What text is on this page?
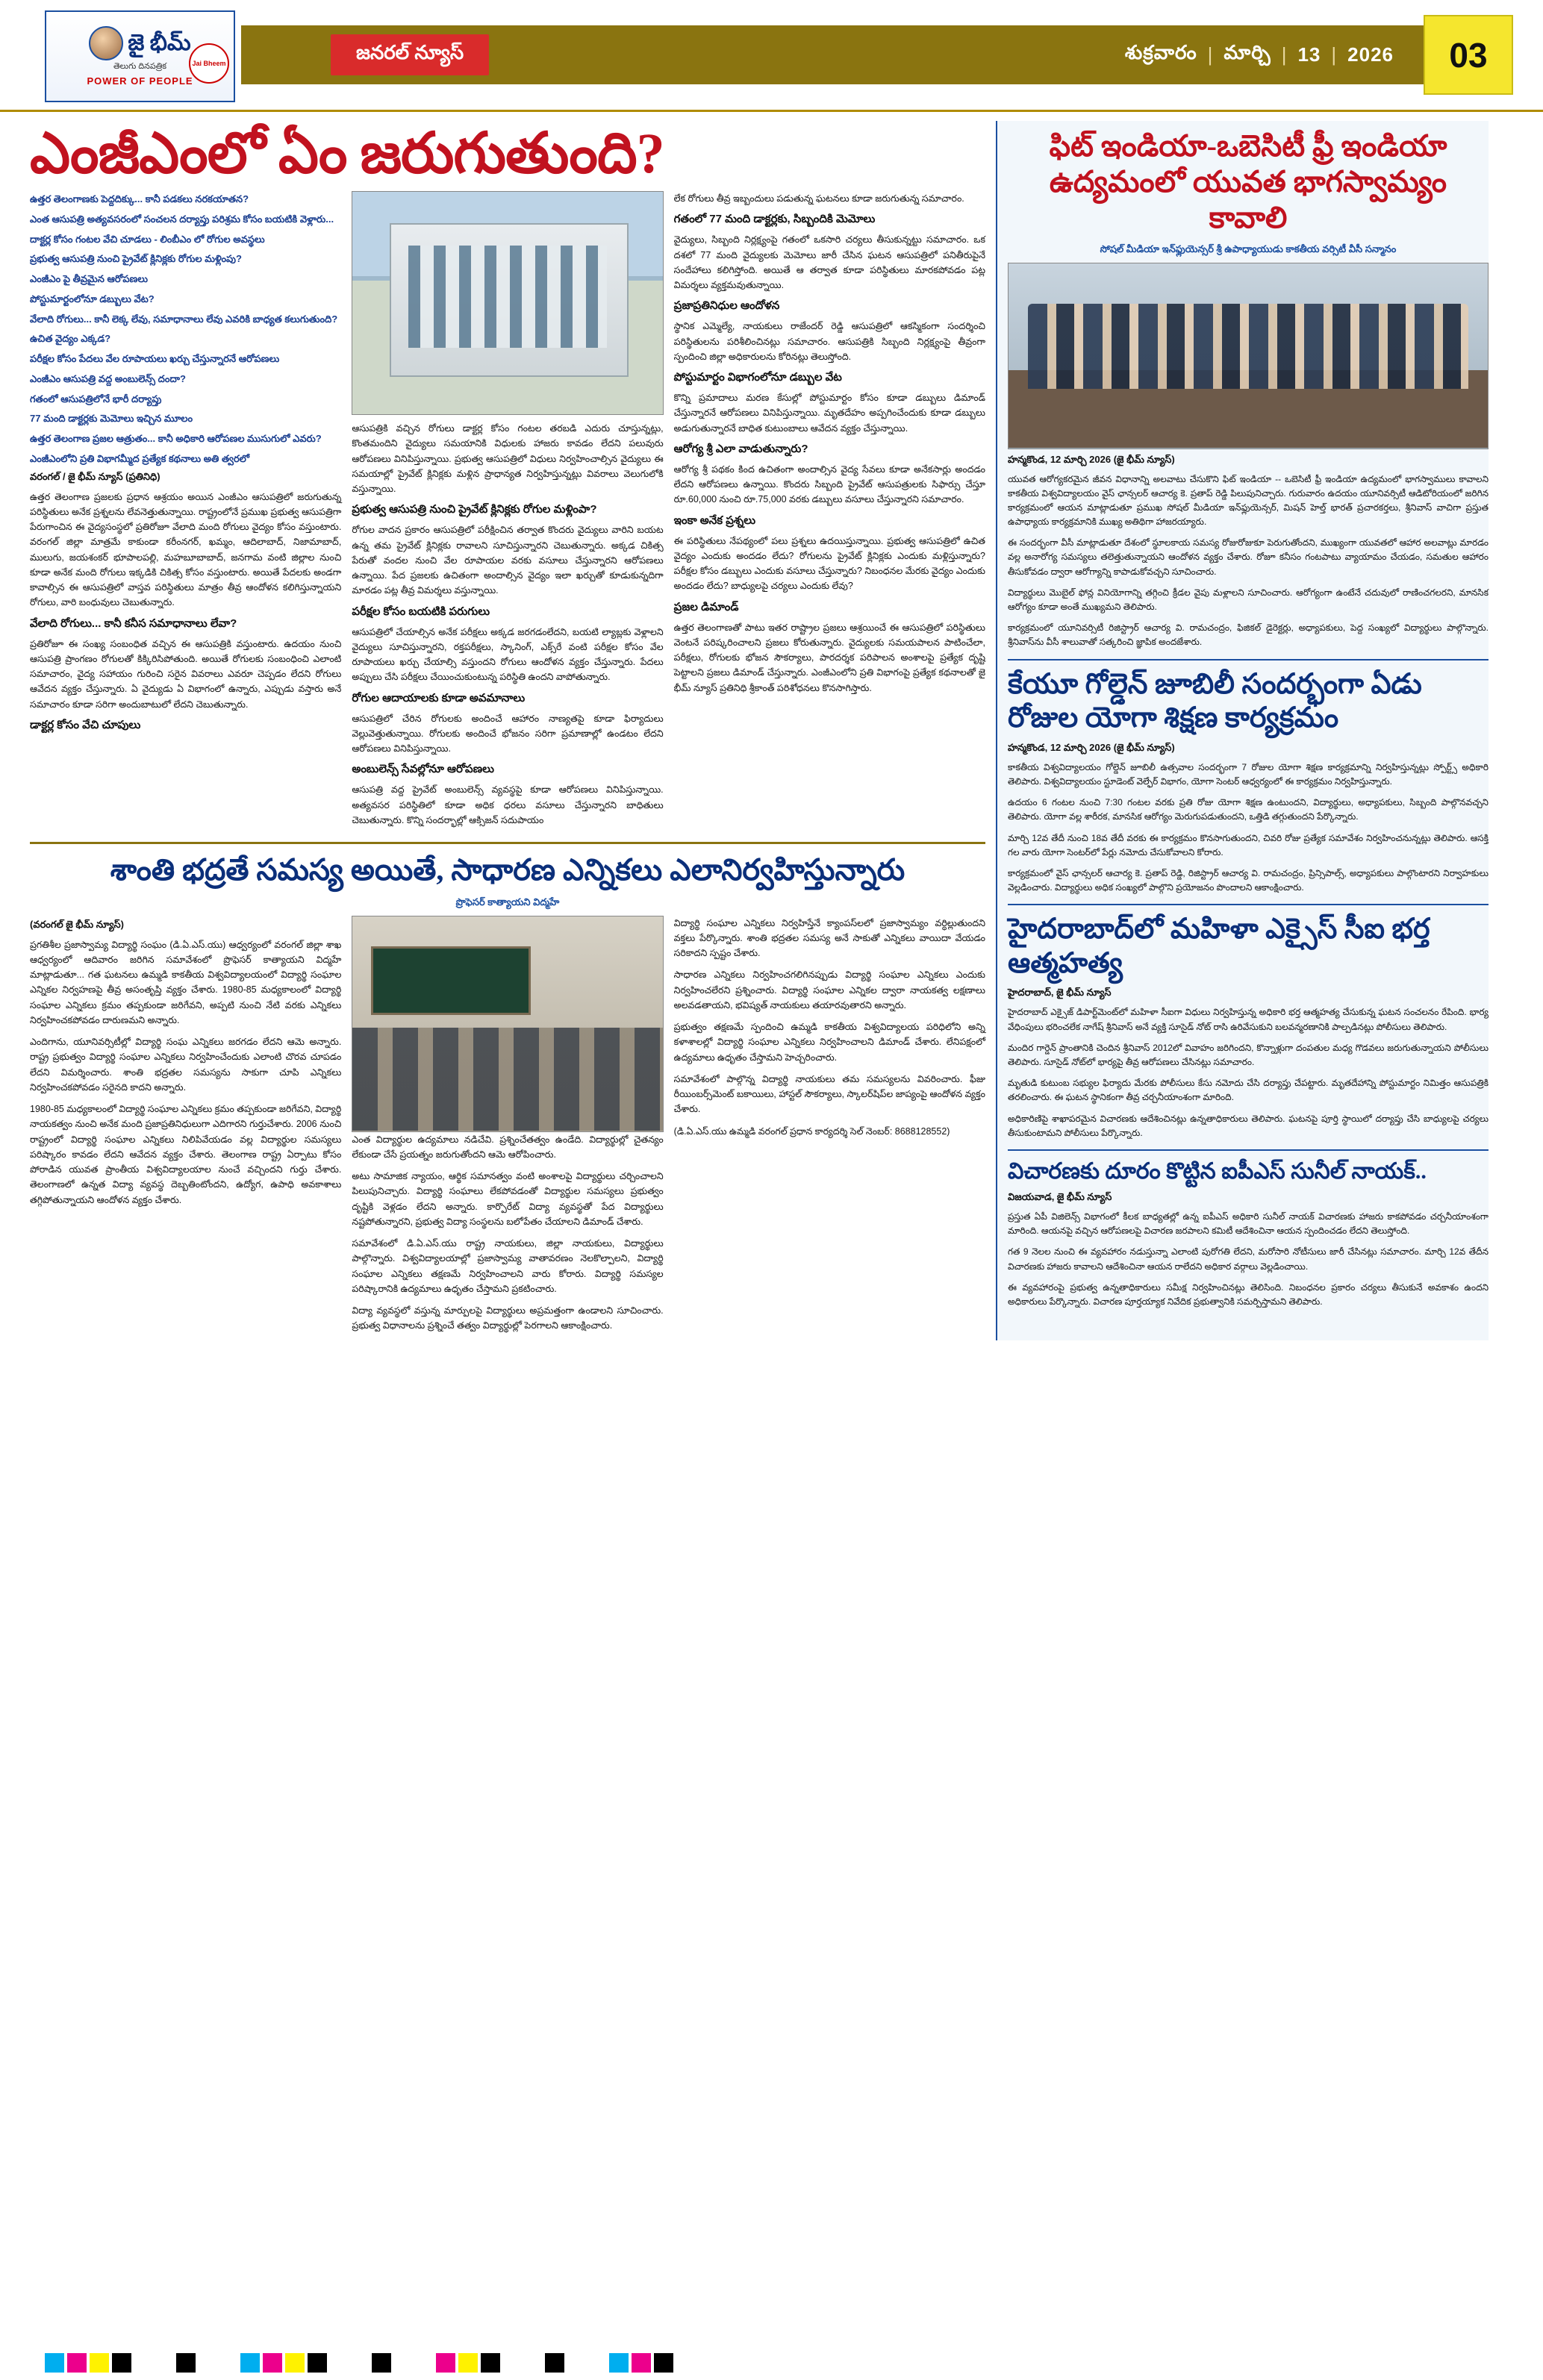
జై భీమ్
తెలుగు దినపత్రిక
POWER OF PEOPLE
Jai Bheem	జనరల్ న్యూస్	శుక్రవారం | మార్చి | 13 | 2026	03
ఎంజీఎంలో ఏం జరుగుతుంది?

ఉత్తర తెలంగాణకు పెద్దదిక్కు... కానీ పడకలు నరకయాతన?

ఎంత ఆసుపత్రి అత్యవసరంలో సంచలన దర్యాప్తు పరిశ్రమ కోసం బయటికి వెళ్లారు...

దాక్టర్ల కోసం గంటల వేచి చూడలు - లింబీఎం లో రోగుల అవస్థలు

ప్రభుత్వ ఆసుపత్రి నుంచి ప్రైవేట్ క్లినిక్లకు రోగుల మళ్లింపు?

ఎంజీఎం పై తీవ్రమైన ఆరోపణలు

పోస్టుమార్టంలోనూ డబ్బులు వేట?

వేలాది రోగులు... కానీ లెక్క లేవు, సమాధానాలు లేవు ఎవరికి బాధ్యత కలుగుతుంది?

ఉచిత వైద్యం ఎక్కడ?

పరీక్షల కోసం పేదలు వేల రూపాయలు ఖర్చు చేస్తున్నారనే ఆరోపణలు

ఎంజీఎం ఆసుపత్రి వద్ద అంబులెన్స్ దందా?

గతంలో ఆసుపత్రిలోనే భారీ దర్యాప్తు

77 మంది డాక్టర్లకు మెమోలు ఇచ్చిన మూలం

ఉత్తర తెలంగాణ ప్రజల ఆత్రుతం... కానీ అధికారి ఆరోపణల ముసుగులో ఎవరు?

ఎంజీఎంలోని ప్రతి విభాగమ్మీద ప్రత్యేక కథనాలు అతి త్వరలో

వరంగల్ / జై భీమ్ న్యూస్ (ప్రతినిధి)

ఉత్తర తెలంగాణ ప్రజలకు ప్రధాన ఆశ్రయం అయిన ఎంజీఎం ఆసుపత్రిలో జరుగుతున్న పరిస్థితులు అనేక ప్రశ్నలను లేవనెత్తుతున్నాయి. రాష్ట్రంలోనే ప్రముఖ ప్రభుత్వ ఆసుపత్రిగా పేరుగాంచిన ఈ వైద్యసంస్థలో ప్రతిరోజూ వేలాది మంది రోగులు వైద్యం కోసం వస్తుంటారు. వరంగల్ జిల్లా మాత్రమే కాకుండా కరీంనగర్, ఖమ్మం, ఆదిలాబాద్, నిజామాబాద్, ములుగు, జయశంకర్ భూపాలపల్లి, మహబూబాబాద్, జనగామ వంటి జిల్లాల నుంచి కూడా అనేక మంది రోగులు ఇక్కడికి చికిత్స కోసం వస్తుంటారు. అయితే పేదలకు అండగా కావాల్సిన ఈ ఆసుపత్రిలో వాస్తవ పరిస్థితులు మాత్రం తీవ్ర ఆందోళన కలిగిస్తున్నాయని రోగులు, వారి బంధువులు చెబుతున్నారు.

వేలాది రోగులు... కానీ కనీస సమాధానాలు లేవా?

ప్రతిరోజూ ఈ సంఖ్య సంబంధిత వచ్చిన ఈ ఆసుపత్రికి వస్తుంటారు. ఉదయం నుంచి ఆసుపత్రి ప్రాంగణం రోగులతో కిక్కిరిసిపోతుంది. అయితే రోగులకు సంబంధించి ఎలాంటి సమాచారం, వైద్య సహాయం గురించి సరైన వివరాలు ఎవరూ చెప్పడం లేదని రోగులు ఆవేదన వ్యక్తం చేస్తున్నారు. ఏ వైద్యుడు ఏ విభాగంలో ఉన్నారు, ఎప్పుడు వస్తారు అనే సమాచారం కూడా సరిగా అందుబాటులో లేదని చెబుతున్నారు.

డాక్టర్ల కోసం వేచి చూపులు

ఆసుపత్రికి వచ్చిన రోగులు డాక్టర్ల కోసం గంటల తరబడి ఎదురు చూస్తున్నట్లు, కొంతమందిని వైద్యులు సమయానికి విధులకు హాజరు కావడం లేదని పలువురు ఆరోపణలు వినిపిస్తున్నాయి. ప్రభుత్వ ఆసుపత్రిలో విధులు నిర్వహించాల్సిన వైద్యులు ఈ సమయాల్లో ప్రైవేట్ క్లినిక్లకు మళ్లిన ప్రాధాన్యత నిర్వహిస్తున్నట్లు వివరాలు వెలుగులోకి వస్తున్నాయి.

ప్రభుత్వ ఆసుపత్రి నుంచి ప్రైవేట్ క్లినిక్లకు రోగుల మళ్లింపా?

రోగుల వాదన ప్రకారం ఆసుపత్రిలో పరీక్షించిన తర్వాత కొందరు వైద్యులు వారిని బయట ఉన్న తమ ప్రైవేట్ క్లినిక్లకు రావాలని సూచిస్తున్నారని చెబుతున్నారు. అక్కడ చికిత్స పేరుతో వందల నుంచి వేల రూపాయల వరకు వసూలు చేస్తున్నారని ఆరోపణలు ఉన్నాయి. పేద ప్రజలకు ఉచితంగా అందాల్సిన వైద్యం ఇలా ఖర్చుతో కూడుకున్నదిగా మారడం పట్ల తీవ్ర విమర్శలు వస్తున్నాయి.

పరీక్షల కోసం బయటికి పరుగులు

ఆసుపత్రిలో చేయాల్సిన అనేక పరీక్షలు అక్కడ జరగడంలేదని, బయటి ల్యాబ్లకు వెళ్లాలని వైద్యులు సూచిస్తున్నారని, రక్తపరీక్షలు, స్కానింగ్, ఎక్స్‌రే వంటి పరీక్షల కోసం వేల రూపాయలు ఖర్చు చేయాల్సి వస్తుందని రోగులు ఆందోళన వ్యక్తం చేస్తున్నారు. పేదలు అప్పులు చేసి పరీక్షలు చేయించుకుంటున్న పరిస్థితి ఉందని వాపోతున్నారు.

రోగుల ఆదాయాలకు కూడా అవమానాలు

ఆసుపత్రిలో చేరిన రోగులకు అందించే ఆహారం నాణ్యతపై కూడా ఫిర్యాదులు వెల్లువెత్తుతున్నాయి. రోగులకు అందించే భోజనం సరిగా ప్రమాణాల్లో ఉండటం లేదని ఆరోపణలు వినిపిస్తున్నాయి.

అంబులెన్స్ సేవల్లోనూ ఆరోపణలు

ఆసుపత్రి వద్ద ప్రైవేట్ అంబులెన్స్ వ్యవస్థపై కూడా ఆరోపణలు వినిపిస్తున్నాయి. అత్యవసర పరిస్థితిలో కూడా అధిక ధరలు వసూలు చేస్తున్నారని బాధితులు చెబుతున్నారు. కొన్ని సందర్భాల్లో ఆక్సిజన్ సదుపాయం

లేక రోగులు తీవ్ర ఇబ్బందులు పడుతున్న ఘటనలు కూడా జరుగుతున్న సమాచారం.

గతంలో 77 మంది డాక్టర్లకు, సిబ్బందికి మెమోలు

వైద్యులు, సిబ్బంది నిర్లక్ష్యంపై గతంలో ఒకసారి చర్యలు తీసుకున్నట్టు సమాచారం. ఒక దశలో 77 మంది వైద్యులకు మెమోలు జారీ చేసిన ఘటన ఆసుపత్రిలో పనితీరుపైనే సందేహాలు కలిగిస్తోంది. అయితే ఆ తర్వాత కూడా పరిస్థితులు మారకపోవడం పట్ల విమర్శలు వ్యక్తమవుతున్నాయి.

ప్రజాప్రతినిధుల ఆందోళన

స్థానిక ఎమ్మెల్యే, నాయకులు రాజేందర్ రెడ్డి ఆసుపత్రిలో ఆకస్మికంగా సందర్శించి పరిస్థితులను పరిశీలించినట్లు సమాచారం. ఆసుపత్రికి సిబ్బంది నిర్లక్ష్యంపై తీవ్రంగా స్పందించి జిల్లా అధికారులను కోరినట్లు తెలుస్తోంది.

పోస్టుమార్టం విభాగంలోనూ డబ్బుల వేట

కొన్ని ప్రమాదాలు మరణ కేసుల్లో పోస్టుమార్టం కోసం కూడా డబ్బులు డిమాండ్ చేస్తున్నారనే ఆరోపణలు వినిపిస్తున్నాయి. మృతదేహం అప్పగించేందుకు కూడా డబ్బులు అడుగుతున్నారనే బాధిత కుటుంబాలు ఆవేదన వ్యక్తం చేస్తున్నాయి.

ఆరోగ్య శ్రీ ఎలా వాడుతున్నారు?

ఆరోగ్య శ్రీ పథకం కింద ఉచితంగా అందాల్సిన వైద్య సేవలు కూడా అనేకసార్లు అందడం లేదని ఆరోపణలు ఉన్నాయి. కొందరు సిబ్బంది ప్రైవేట్ ఆసుపత్రులకు సిఫార్సు చేస్తూ రూ.60,000 నుంచి రూ.75,000 వరకు డబ్బులు వసూలు చేస్తున్నారని సమాచారం.

ఇంకా అనేక ప్రశ్నలు

ఈ పరిస్థితులు నేపథ్యంలో పలు ప్రశ్నలు ఉదయిస్తున్నాయి. ప్రభుత్వ ఆసుపత్రిలో ఉచిత వైద్యం ఎందుకు అందడం లేదు? రోగులను ప్రైవేట్ క్లినిక్లకు ఎందుకు మళ్లిస్తున్నారు? పరీక్షల కోసం డబ్బులు ఎందుకు వసూలు చేస్తున్నారు? నిబంధనల మేరకు వైద్యం ఎందుకు అందడం లేదు? బాధ్యులపై చర్యలు ఎందుకు లేవు?

ప్రజల డిమాండ్

ఉత్తర తెలంగాణతో పాటు ఇతర రాష్ట్రాల ప్రజలు ఆశ్రయించే ఈ ఆసుపత్రిలో పరిస్థితులు వెంటనే పరిష్కరించాలని ప్రజలు కోరుతున్నారు. వైద్యులకు సమయపాలన పాటించేలా, పరీక్షలు, రోగులకు భోజన సౌకర్యాలు, పారదర్శక పరిపాలన అంశాలపై ప్రత్యేక దృష్టి పెట్టాలని ప్రజలు డిమాండ్ చేస్తున్నారు. ఎంజీఎంలోని ప్రతి విభాగంపై ప్రత్యేక కథనాలతో జై భీమ్ న్యూస్ ప్రతినిధి శ్రీకాంత్ పరిశోధనలు కొనసాగిస్తారు.

శాంతి భద్రతే సమస్య అయితే, సాధారణ ఎన్నికలు ఎలానిర్వహిస్తున్నారు
ప్రొఫెసర్ కాత్యాయని విద్మహే
(వరంగల్ జై భీమ్ న్యూస్)

ప్రగతిశీల ప్రజాస్వామ్య విద్యార్థి సంఘం (డి.ఏ.ఎస్.యు) ఆధ్వర్యంలో వరంగల్ జిల్లా శాఖ ఆధ్వర్యంలో ఆదివారం జరిగిన సమావేశంలో ప్రొఫెసర్ కాత్యాయని విద్మహే మాట్లాడుతూ... గత ఘటనలు ఉమ్మడి కాకతీయ విశ్వవిద్యాలయంలో విద్యార్థి సంఘాల ఎన్నికల నిర్వహణపై తీవ్ర అసంతృప్తి వ్యక్తం చేశారు. 1980-85 మధ్యకాలంలో విద్యార్థి సంఘాల ఎన్నికలు క్రమం తప్పకుండా జరిగేవని, అప్పటి నుంచి నేటి వరకు ఎన్నికలు నిర్వహించకపోవడం దారుణమని అన్నారు.

ఎందిగాను, యూనివర్సిటీల్లో విద్యార్థి సంఘ ఎన్నికలు జరగడం లేదని ఆమె అన్నారు. రాష్ట్ర ప్రభుత్వం విద్యార్థి సంఘాల ఎన్నికలు నిర్వహించేందుకు ఎలాంటి చొరవ చూపడం లేదని విమర్శించారు. శాంతి భద్రతల సమస్యను సాకుగా చూపి ఎన్నికలు నిర్వహించకపోవడం సరైనది కాదని అన్నారు.

1980-85 మధ్యకాలంలో విద్యార్థి సంఘాల ఎన్నికలు క్రమం తప్పకుండా జరిగేవని, విద్యార్థి నాయకత్వం నుంచి అనేక మంది ప్రజాప్రతినిధులుగా ఎదిగారని గుర్తుచేశారు. 2006 నుంచి రాష్ట్రంలో విద్యార్థి సంఘాల ఎన్నికలు నిలిపివేయడం వల్ల విద్యార్థుల సమస్యలు పరిష్కారం కావడం లేదని ఆవేదన వ్యక్తం చేశారు. తెలంగాణ రాష్ట్ర ఏర్పాటు కోసం పోరాడిన యువత ప్రాంతీయ విశ్వవిద్యాలయాల నుంచే వచ్చిందని గుర్తు చేశారు. తెలంగాణలో ఉన్నత విద్యా వ్యవస్థ దెబ్బతింటోందని, ఉద్యోగ, ఉపాధి అవకాశాలు తగ్గిపోతున్నాయని ఆందోళన వ్యక్తం చేశారు.

ఎంత విద్యార్థుల ఉద్యమాలు నడిచేవి. ప్రశ్నించేతత్వం ఉండేది. విద్యార్థుల్లో చైతన్యం లేకుండా చేసే ప్రయత్నం జరుగుతోందని ఆమె ఆరోపించారు.

అటు సామాజిక న్యాయం, ఆర్థిక సమానత్వం వంటి అంశాలపై విద్యార్థులు చర్చించాలని పిలుపునిచ్చారు. విద్యార్థి సంఘాలు లేకపోవడంతో విద్యార్థుల సమస్యలు ప్రభుత్వం దృష్టికి వెళ్లడం లేదని అన్నారు. కార్పొరేట్ విద్యా వ్యవస్థతో పేద విద్యార్థులు నష్టపోతున్నారని, ప్రభుత్వ విద్యా సంస్థలను బలోపేతం చేయాలని డిమాండ్ చేశారు.

సమావేశంలో డి.ఏ.ఎస్.యు రాష్ట్ర నాయకులు, జిల్లా నాయకులు, విద్యార్థులు పాల్గొన్నారు. విశ్వవిద్యాలయాల్లో ప్రజాస్వామ్య వాతావరణం నెలకొల్పాలని, విద్యార్థి సంఘాల ఎన్నికలు తక్షణమే నిర్వహించాలని వారు కోరారు. విద్యార్థి సమస్యల పరిష్కారానికి ఉద్యమాలు ఉధృతం చేస్తామని ప్రకటించారు.

విద్యా వ్యవస్థలో వస్తున్న మార్పులపై విద్యార్థులు అప్రమత్తంగా ఉండాలని సూచించారు. ప్రభుత్వ విధానాలను ప్రశ్నించే తత్వం విద్యార్థుల్లో పెరగాలని ఆకాంక్షించారు.

విద్యార్థి సంఘాల ఎన్నికలు నిర్వహిస్తేనే క్యాంపస్‌లలో ప్రజాస్వామ్యం వర్ధిల్లుతుందని వక్తలు పేర్కొన్నారు. శాంతి భద్రతల సమస్య అనే సాకుతో ఎన్నికలు వాయిదా వేయడం సరికాదని స్పష్టం చేశారు.

సాధారణ ఎన్నికలు నిర్వహించగలిగినప్పుడు విద్యార్థి సంఘాల ఎన్నికలు ఎందుకు నిర్వహించలేరని ప్రశ్నించారు. విద్యార్థి సంఘాల ఎన్నికల ద్వారా నాయకత్వ లక్షణాలు అలవడతాయని, భవిష్యత్ నాయకులు తయారవుతారని అన్నారు.

ప్రభుత్వం తక్షణమే స్పందించి ఉమ్మడి కాకతీయ విశ్వవిద్యాలయ పరిధిలోని అన్ని కళాశాలల్లో విద్యార్థి సంఘాల ఎన్నికలు నిర్వహించాలని డిమాండ్ చేశారు. లేనిపక్షంలో ఉద్యమాలు ఉధృతం చేస్తామని హెచ్చరించారు.

సమావేశంలో పాల్గొన్న విద్యార్థి నాయకులు తమ సమస్యలను వివరించారు. ఫీజు రీయింబర్స్‌మెంట్ బకాయిలు, హాస్టల్ సౌకర్యాలు, స్కాలర్‌షిప్‌ల జాప్యంపై ఆందోళన వ్యక్తం చేశారు.

(డి.ఏ.ఎస్.యు ఉమ్మడి వరంగల్ ప్రధాన కార్యదర్శి సెల్ నెంబర్: 8688128552)

ఫిట్ ఇండియా-ఒబెసిటీ ఫ్రీ ఇండియా ఉద్యమంలో యువత భాగస్వామ్యం కావాలి
సోషల్ మీడియా ఇన్‌ఫ్లుయెన్సర్ శ్రీ ఉపాధ్యాయుడు కాకతీయ వర్సిటీ వీసీ సన్మానం
హన్మకొండ, 12 మార్చి 2026 (జై భీమ్ న్యూస్)

యువత ఆరోగ్యకరమైన జీవన విధానాన్ని అలవాటు చేసుకొని ఫిట్ ఇండియా -- ఒబెసిటీ ఫ్రీ ఇండియా ఉద్యమంలో భాగస్వాములు కావాలని కాకతీయ విశ్వవిద్యాలయం వైస్ ఛాన్సలర్ ఆచార్య కె. ప్రతాప్ రెడ్డి పిలుపునిచ్చారు. గురువారం ఉదయం యూనివర్సిటీ ఆడిటోరియంలో జరిగిన కార్యక్రమంలో ఆయన మాట్లాడుతూ ప్రముఖ సోషల్ మీడియా ఇన్‌ఫ్లుయెన్సర్, మిషన్ హెల్త్ భారత్ ప్రచారకర్తలు, శ్రీనివాస్ వాచిగా ప్రస్తుత ఉపాధ్యాయ కార్యక్రమానికి ముఖ్య అతిథిగా హాజరయ్యారు.

ఈ సందర్భంగా వీసీ మాట్లాడుతూ దేశంలో స్థూలకాయ సమస్య రోజురోజుకూ పెరుగుతోందని, ముఖ్యంగా యువతలో ఆహార అలవాట్లు మారడం వల్ల అనారోగ్య సమస్యలు తలెత్తుతున్నాయని ఆందోళన వ్యక్తం చేశారు. రోజూ కనీసం గంటపాటు వ్యాయామం చేయడం, సమతుల ఆహారం తీసుకోవడం ద్వారా ఆరోగ్యాన్ని కాపాడుకోవచ్చని సూచించారు.

విద్యార్థులు మొబైల్ ఫోన్ల వినియోగాన్ని తగ్గించి క్రీడల వైపు మళ్లాలని సూచించారు. ఆరోగ్యంగా ఉంటేనే చదువులో రాణించగలరని, మానసిక ఆరోగ్యం కూడా అంతే ముఖ్యమని తెలిపారు.

కార్యక్రమంలో యూనివర్సిటీ రిజిస్ట్రార్ ఆచార్య వి. రామచంద్రం, ఫిజికల్ డైరెక్టర్లు, అధ్యాపకులు, పెద్ద సంఖ్యలో విద్యార్థులు పాల్గొన్నారు. శ్రీనివాస్‌ను వీసీ శాలువాతో సత్కరించి జ్ఞాపిక అందజేశారు.

కేయూ గోల్డెన్ జూబిలీ సందర్భంగా ఏడు రోజుల యోగా శిక్షణ కార్యక్రమం
హన్మకొండ, 12 మార్చి 2026 (జై భీమ్ న్యూస్)

కాకతీయ విశ్వవిద్యాలయం గోల్డెన్ జూబిలీ ఉత్సవాల సందర్భంగా 7 రోజుల యోగా శిక్షణ కార్యక్రమాన్ని నిర్వహిస్తున్నట్లు స్పోర్ట్స్ అధికారి తెలిపారు. విశ్వవిద్యాలయం స్టూడెంట్ వెల్ఫేర్ విభాగం, యోగా సెంటర్ ఆధ్వర్యంలో ఈ కార్యక్రమం నిర్వహిస్తున్నారు.

ఉదయం 6 గంటల నుంచి 7:30 గంటల వరకు ప్రతి రోజు యోగా శిక్షణ ఉంటుందని, విద్యార్థులు, అధ్యాపకులు, సిబ్బంది పాల్గొనవచ్చని తెలిపారు. యోగా వల్ల శారీరక, మానసిక ఆరోగ్యం మెరుగుపడుతుందని, ఒత్తిడి తగ్గుతుందని పేర్కొన్నారు.

మార్చి 12వ తేదీ నుంచి 18వ తేదీ వరకు ఈ కార్యక్రమం కొనసాగుతుందని, చివరి రోజు ప్రత్యేక సమావేశం నిర్వహించనున్నట్లు తెలిపారు. ఆసక్తి గల వారు యోగా సెంటర్‌లో పేర్లు నమోదు చేసుకోవాలని కోరారు.

కార్యక్రమంలో వైస్ ఛాన్సలర్ ఆచార్య కె. ప్రతాప్ రెడ్డి, రిజిస్ట్రార్ ఆచార్య వి. రామచంద్రం, ప్రిన్సిపాల్స్, అధ్యాపకులు పాల్గొంటారని నిర్వాహకులు వెల్లడించారు. విద్యార్థులు అధిక సంఖ్యలో పాల్గొని ప్రయోజనం పొందాలని ఆకాంక్షించారు.

హైదరాబాద్‌లో మహిళా ఎక్సైస్ సీఐ భర్త ఆత్మహత్య
హైదరాబాద్, జై భీమ్ న్యూస్

హైదరాబాద్ ఎక్సైజ్ డిపార్ట్‌మెంట్‌లో మహిళా సీఐగా విధులు నిర్వహిస్తున్న అధికారి భర్త ఆత్మహత్య చేసుకున్న ఘటన సంచలనం రేపింది. భార్య వేధింపులు భరించలేక నాగేష్ శ్రీనివాస్ అనే వ్యక్తి సూసైడ్ నోట్ రాసి ఉరివేసుకుని బలవన్మరణానికి పాల్పడినట్లు పోలీసులు తెలిపారు.

మందిర గార్డెన్ ప్రాంతానికి చెందిన శ్రీనివాస్ 2012లో వివాహం జరిగిందని, కొన్నాళ్లుగా దంపతుల మధ్య గొడవలు జరుగుతున్నాయని పోలీసులు తెలిపారు. సూసైడ్ నోట్‌లో భార్యపై తీవ్ర ఆరోపణలు చేసినట్లు సమాచారం.

మృతుడి కుటుంబ సభ్యుల ఫిర్యాదు మేరకు పోలీసులు కేసు నమోదు చేసి దర్యాప్తు చేపట్టారు. మృతదేహాన్ని పోస్టుమార్టం నిమిత్తం ఆసుపత్రికి తరలించారు. ఈ ఘటన స్థానికంగా తీవ్ర చర్చనీయాంశంగా మారింది.

అధికారిణిపై శాఖాపరమైన విచారణకు ఆదేశించినట్లు ఉన్నతాధికారులు తెలిపారు. ఘటనపై పూర్తి స్థాయిలో దర్యాప్తు చేసి బాధ్యులపై చర్యలు తీసుకుంటామని పోలీసులు పేర్కొన్నారు.

విచారణకు దూరం కొట్టిన ఐపీఎస్ సునీల్ నాయక్..
విజయవాడ, జై భీమ్ న్యూస్

ప్రస్తుత ఏపీ విజిలెన్స్ విభాగంలో కీలక బాధ్యతల్లో ఉన్న ఐపీఎస్ అధికారి సునీల్ నాయక్ విచారణకు హాజరు కాకపోవడం చర్చనీయాంశంగా మారింది. ఆయనపై వచ్చిన ఆరోపణలపై విచారణ జరపాలని కమిటీ ఆదేశించినా ఆయన స్పందించడం లేదని తెలుస్తోంది.

గత 9 నెలల నుంచి ఈ వ్యవహారం నడుస్తున్నా ఎలాంటి పురోగతి లేదని, మరోసారి నోటీసులు జారీ చేసినట్లు సమాచారం. మార్చి 12వ తేదీన విచారణకు హాజరు కావాలని ఆదేశించినా ఆయన రాలేదని అధికార వర్గాలు వెల్లడించాయి.

ఈ వ్యవహారంపై ప్రభుత్వ ఉన్నతాధికారులు సమీక్ష నిర్వహించినట్లు తెలిసింది. నిబంధనల ప్రకారం చర్యలు తీసుకునే అవకాశం ఉందని అధికారులు పేర్కొన్నారు. విచారణ పూర్తయ్యాక నివేదిక ప్రభుత్వానికి సమర్పిస్తామని తెలిపారు.
